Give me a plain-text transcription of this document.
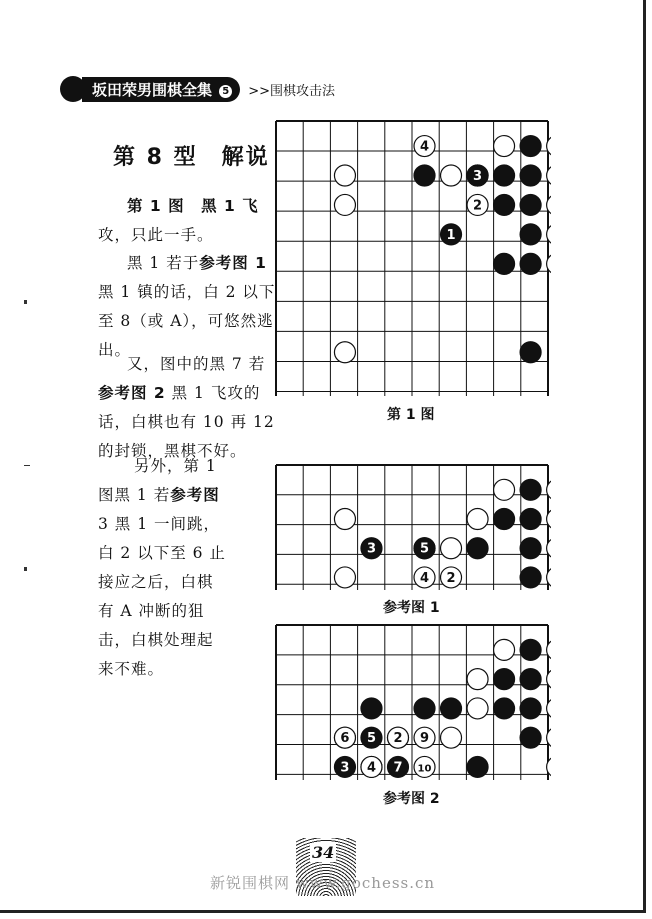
坂田荣男围棋全集 5	>>围棋攻击法
第 8 型　解说
第 1 图　黑 1 飞
攻，只此一手。
黑 1 若于参考图 1
黑 1 镇的话，白 2 以下
至 8（或 A），可悠然逃
出。
又，图中的黑 7 若
参考图 2 黑 1 飞攻的
话，白棋也有 10 再 12
的封锁，黑棋不好。
另外，第 1
图黑 1 若参考图
3 黑 1 一间跳，
白 2 以下至 6 止
接应之后，白棋
有 A 冲断的狙
击，白棋处理起
来不难。
3
4
2
1
第 1 图
3	5
4 2
参考图 1
6 5 2 9
3 4 7 10
参考图 2
34
新锐围棋网 www.gochess.cn
